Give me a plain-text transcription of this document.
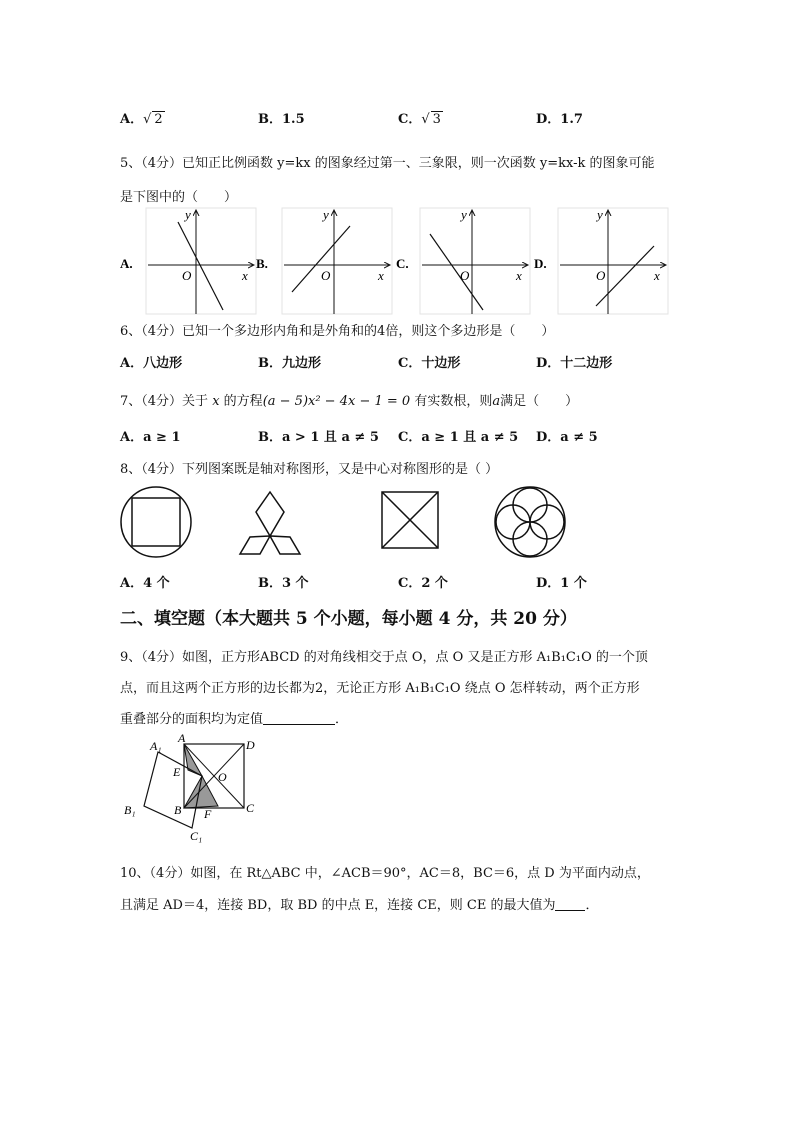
A．√ 2	B．1.5	C．√ 3	D．1.7
5、（4分）已知正比例函数 y=kx 的图象经过第一、三象限，则一次函数 y=kx-k 的图象可能
是下图中的（　　）
A.
y
x
O
B.
y
x
O
C.
y
x
O
D.
y
x
O
6、（4分）已知一个多边形内角和是外角和的4倍，则这个多边形是（　　）
A．八边形	B．九边形	C．十边形	D．十二边形
7、（4分）关于 x 的方程(a − 5)x² − 4x − 1 = 0 有实数根，则a满足（　　）
A．a ≥ 1	B．a > 1 且 a ≠ 5 C．a ≥ 1 且 a ≠ 5 D．a ≠ 5
8、（4分）下列图案既是轴对称图形，又是中心对称图形的是（ ）
A．4 个	B．3 个	C．2 个	D．1 个
二、填空题（本大题共 5 个小题，每小题 4 分，共 20 分）
9、（4分）如图，正方形ABCD 的对角线相交于点 O，点 O 又是正方形 A₁B₁C₁O 的一个顶
点，而且这两个正方形的边长都为2，无论正方形 A₁B₁C₁O 绕点 O 怎样转动，两个正方形
重叠部分的面积均为定值	．
A₁
A	D
E	O
B₁	B	C
F
C₁
10、（4分）如图，在 Rt△ABC 中，∠ACB＝90°，AC＝8，BC＝6，点 D 为平面内动点，
且满足 AD＝4，连接 BD，取 BD 的中点 E，连接 CE，则 CE 的最大值为 ．
